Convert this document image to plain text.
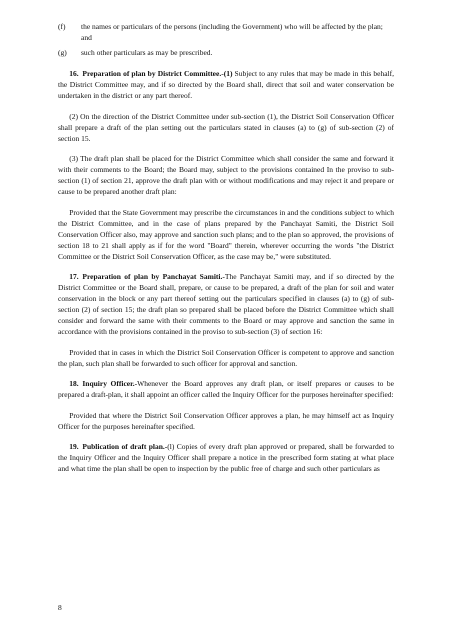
(f)	the names or particulars of the persons (including the Government) who will be affected by the plan; and
(g)	such other particulars as may be prescribed.

  16.  Preparation of plan by District Committee.-(1) Subject to any rules that may be made in this behalf, the District Committee may, and if so directed by the Board shall, direct that soil and water conservation be undertaken in the district or any part thereof.

  (2) On the direction of the District Committee under sub-section (1), the District Soil Conservation Officer shall prepare a draft of the plan setting out the particulars stated in clauses (a) to (g) of sub-section (2) of section 15.

  (3) The draft plan shall be placed for the District Committee which shall consider the same and forward it with their comments to the Board; the Board may, subject to the provisions contained In the proviso to sub-section (1) of section 21, approve the draft plan with or without modifications and may reject it and prepare or cause to be prepared another draft plan:

  Provided that the State Government may prescribe the circumstances in and the conditions subject to which the District Committee, and in the case of plans prepared by the Panchayat Samiti, the District Soil Conservation Officer also, may approve and sanction such plans; and to the plan so approved, the provisions of section 18 to 21 shall apply as if for the word "Board" therein, wherever occurring the words "the District Committee or the District Soil Conservation Officer, as the case may be," were substituted.

  17.  Preparation of plan by Panchayat Samiti.-The Panchayat Samiti may, and if so directed by the District Committee or the Board shall, prepare, or cause to be prepared, a draft of the plan for soil and water conservation in the block or any part thereof setting out the particulars specified in clauses (a) to (g) of sub-section (2) of section 15; the draft plan so prepared shall be placed before the District Committee which shall consider and forward the same with their comments to the Board or may approve and sanction the same in accordance with the provisions contained in the proviso to sub-section (3) of section 16:

  Provided that in cases in which the District Soil Conservation Officer is competent to approve and sanction the plan, such plan shall be forwarded to such officer for approval and sanction.

  18.  Inquiry Officer.-Whenever the Board approves any draft plan, or itself prepares or causes to be prepared a draft-plan, it shall appoint an officer called the Inquiry Officer for the purposes hereinafter specified:

  Provided that where the District Soil Conservation Officer approves a plan, he may himself act as Inquiry Officer for the purposes hereinafter specified.

  19.  Publication of draft plan.-(l) Copies of every draft plan approved or prepared, shall be forwarded to the Inquiry Officer and the Inquiry Officer shall prepare a notice in the prescribed form stating at what place and what time the plan shall be open to inspection by the public free of charge and such other particulars as

8
